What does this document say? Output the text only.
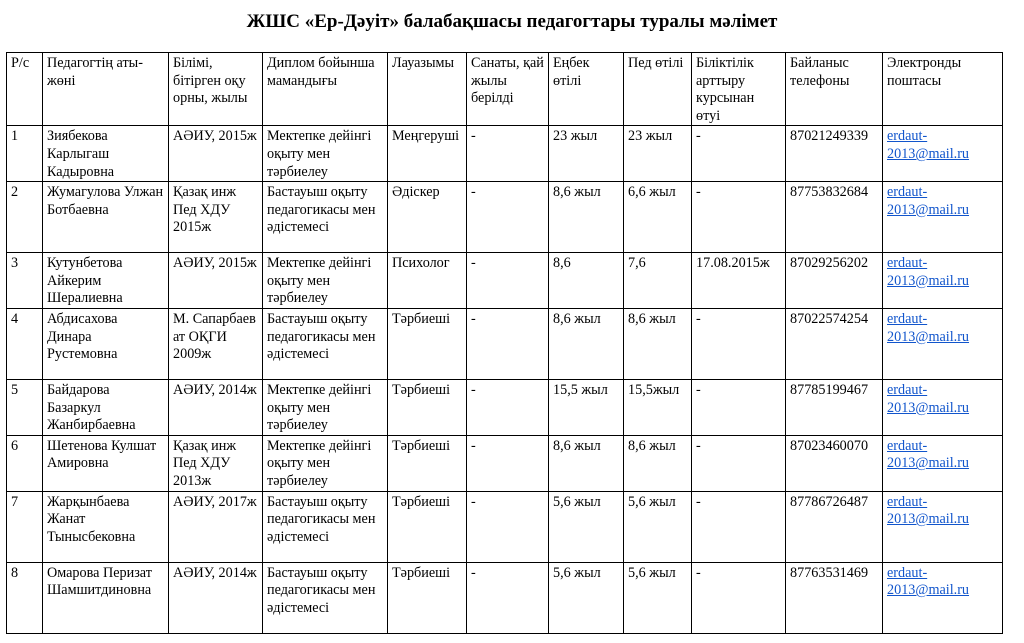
ЖШС «Ер-Дәуіт» балабақшасы педагогтары туралы мәлімет
Р/с	Педагогтің аты-жөні	Білімі, бітірген оқу орны, жылы	Диплом бойынша мамандығы	Лауазымы	Санаты, қай жылы берілді	Еңбек өтілі	Пед өтілі	Біліктілік арттыру курсынан өтуі	Байланыс телефоны	Электронды поштасы
1	Зиябекова Карлыгаш Кадыровна	АӘИУ, 2015ж	Мектепке дейінгі оқыту мен тәрбиелеу	Меңгеруші	-	23 жыл	23 жыл	-	87021249339	erdaut-2013@mail.ru
2	Жумагулова Улжан Ботбаевна	Қазақ инж Пед ХДУ 2015ж	Бастауыш оқыту педагогикасы мен әдістемесі	Әдіскер	-	8,6 жыл	6,6 жыл	-	87753832684	erdaut-2013@mail.ru
3	Кутунбетова Айкерим Шералиевна	АӘИУ, 2015ж	Мектепке дейінгі оқыту мен тәрбиелеу	Психолог	-	8,6	7,6	17.08.2015ж	87029256202	erdaut-2013@mail.ru
4	Абдисахова Динара Рустемовна	М. Сапарбаев ат ОҚГИ 2009ж	Бастауыш оқыту педагогикасы мен әдістемесі	Тәрбиеші	-	8,6 жыл	8,6 жыл	-	87022574254	erdaut-2013@mail.ru
5	Байдарова Базаркул Жанбирбаевна	АӘИУ, 2014ж	Мектепке дейінгі оқыту мен тәрбиелеу	Тәрбиеші	-	15,5 жыл	15,5жыл	-	87785199467	erdaut-2013@mail.ru
6	Шетенова Кулшат Амировна	Қазақ инж Пед ХДУ 2013ж	Мектепке дейінгі оқыту мен тәрбиелеу	Тәрбиеші	-	8,6 жыл	8,6 жыл	-	87023460070	erdaut-2013@mail.ru
7	Жарқынбаева Жанат Тынысбековна	АӘИУ, 2017ж	Бастауыш оқыту педагогикасы мен әдістемесі	Тәрбиеші	-	5,6 жыл	5,6 жыл	-	87786726487	erdaut-2013@mail.ru
8	Омарова Перизат Шамшитдиновна	АӘИУ, 2014ж	Бастауыш оқыту педагогикасы мен әдістемесі	Тәрбиеші	-	5,6 жыл	5,6 жыл	-	87763531469	erdaut-2013@mail.ru
